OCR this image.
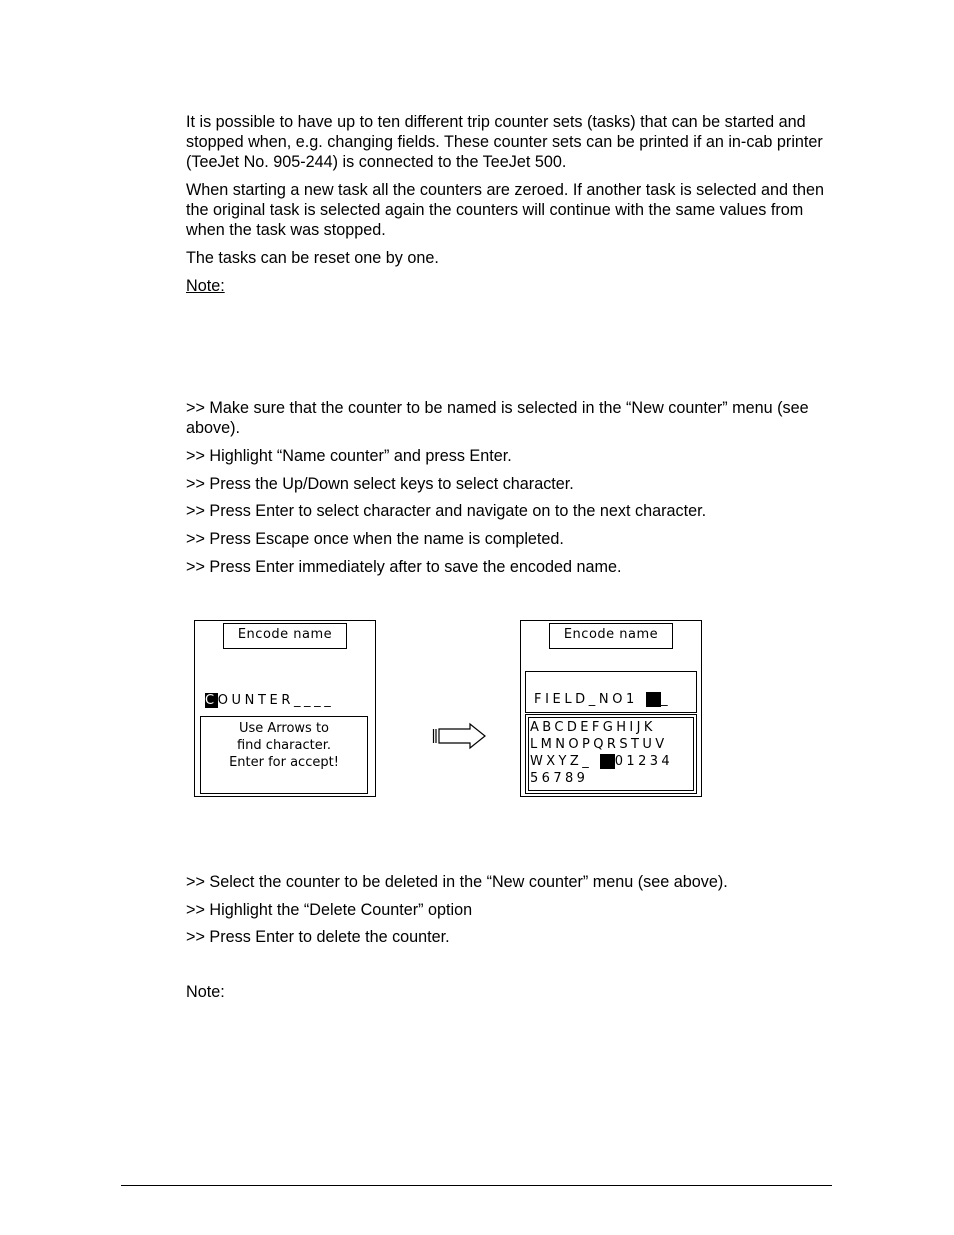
It is possible to have up to ten different trip counter sets (tasks) that can be started and stopped when, e.g. changing fields. These counter sets can be printed if an in-cab printer (TeeJet No. 905-244) is connected to the TeeJet 500.

When starting a new task all the counters are zeroed. If another task is selected and then the original task is selected again the counters will continue with the same values from when the task was stopped.

The tasks can be reset one by one.

Note:

>> Make sure that the counter to be named is selected in the “New counter” menu (see above).

>> Highlight “Name counter” and press Enter.

>> Press the Up/Down select keys to select character.

>> Press Enter to select character and navigate on to the next character.

>> Press Escape once when the name is completed.

>> Press Enter immediately after to save the encoded name.

Encode name
COUNTER____
Use Arrows to
find character.
Enter for accept!
Encode name
FIELD_NO1 _
ABCDEFGHIJK
LMNOPQRSTUV
WXYZ_ 01234
56789

>> Select the counter to be deleted in the “New counter” menu (see above).

>> Highlight the “Delete Counter” option

>> Press Enter to delete the counter.

Note:
